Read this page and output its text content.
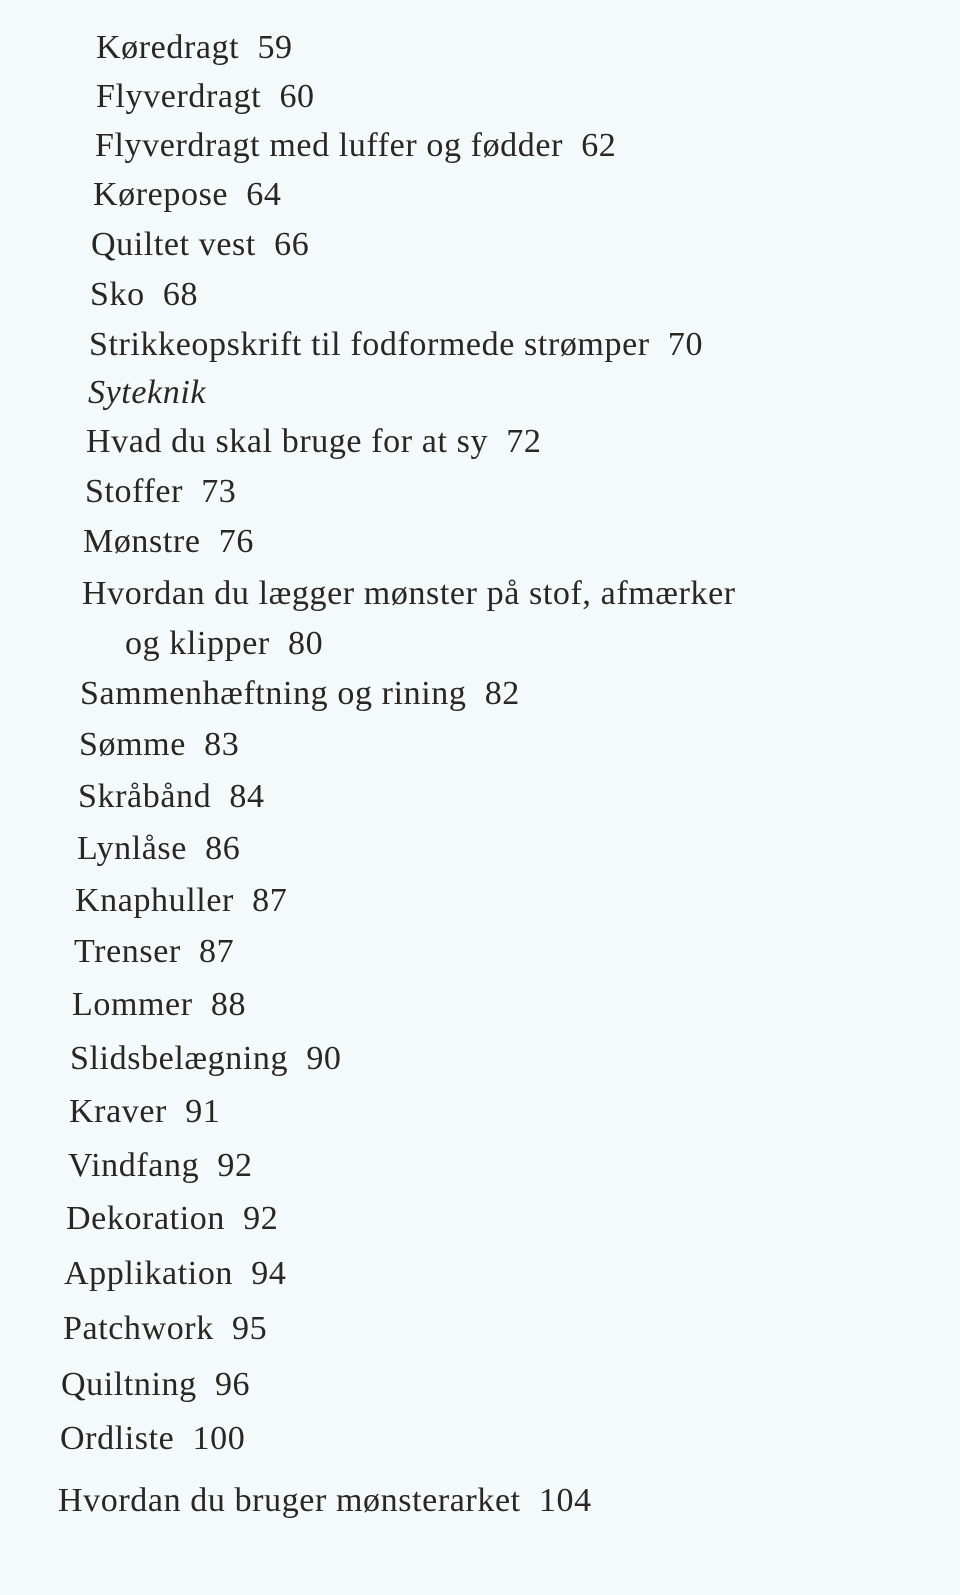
Køredragt 59
Flyverdragt 60
Flyverdragt med luffer og fødder 62
Kørepose 64
Quiltet vest 66
Sko 68
Strikkeopskrift til fodformede strømper 70
Syteknik
Hvad du skal bruge for at sy 72
Stoffer 73
Mønstre 76
Hvordan du lægger mønster på stof, afmærker
og klipper 80
Sammenhæftning og rining 82
Sømme 83
Skråbånd 84
Lynlåse 86
Knaphuller 87
Trenser 87
Lommer 88
Slidsbelægning 90
Kraver 91
Vindfang 92
Dekoration 92
Applikation 94
Patchwork 95
Quiltning 96
Ordliste 100
Hvordan du bruger mønsterarket 104
